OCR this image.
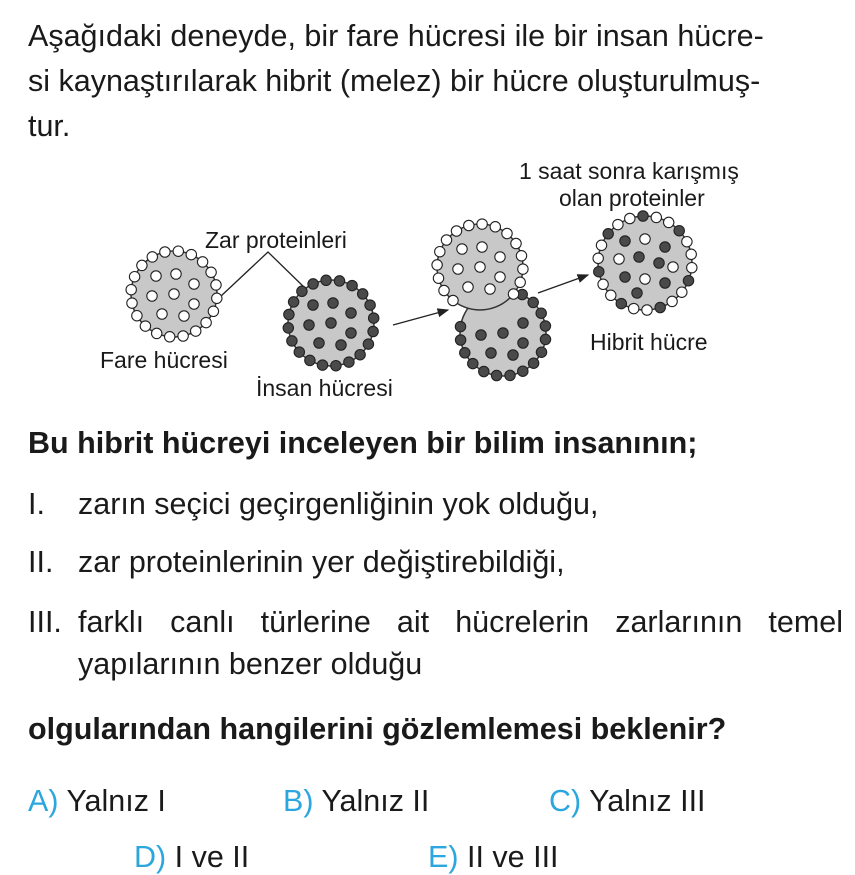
Aşağıdaki deneyde, bir fare hücresi ile bir insan hücre-
si kaynaştırılarak hibrit (melez) bir hücre oluşturulmuş-
tur.

Zar proteinleri
Fare hücresi
İnsan hücresi
1 saat sonra karışmış
olan proteinler
Hibrit hücre

Bu hibrit hücreyi inceleyen bir bilim insanının;

I. zarın seçici geçirgenliğinin yok olduğu,
II. zar proteinlerinin yer değiştirebildiği,
III. farklı canlı türlerine ait hücrelerin zarlarının temel
yapılarının benzer olduğu

olgularından hangilerini gözlemlemesi beklenir?

A) Yalnız I	B) Yalnız II	C) Yalnız III
D) I ve II	E) II ve III
